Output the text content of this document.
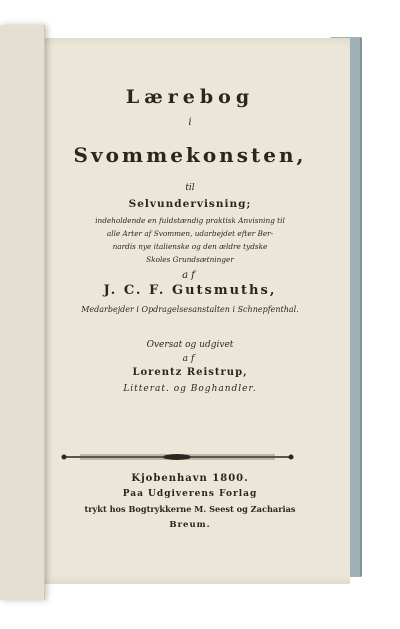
Lærebog
i
Svommekonsten,
til
Selvundervisning;
indeholdende en fuldstændig praktisk Anvisning til
alle Arter af Svommen, udarbejdet efter Ber-
nardis nye italienske og den ældre tydske
Skoles Grundsætninger
af
J. C. F. Gutsmuths,
Medarbejder i Opdragelsesanstalten i Schnepfenthal.
Oversat og udgivet
af
Lorentz Reistrup,
Litterat. og Boghandler.
Kjobenhavn 1800.
Paa Udgiverens Forlag
trykt hos Bogtrykkerne M. Seest og Zacharias
Breum.
